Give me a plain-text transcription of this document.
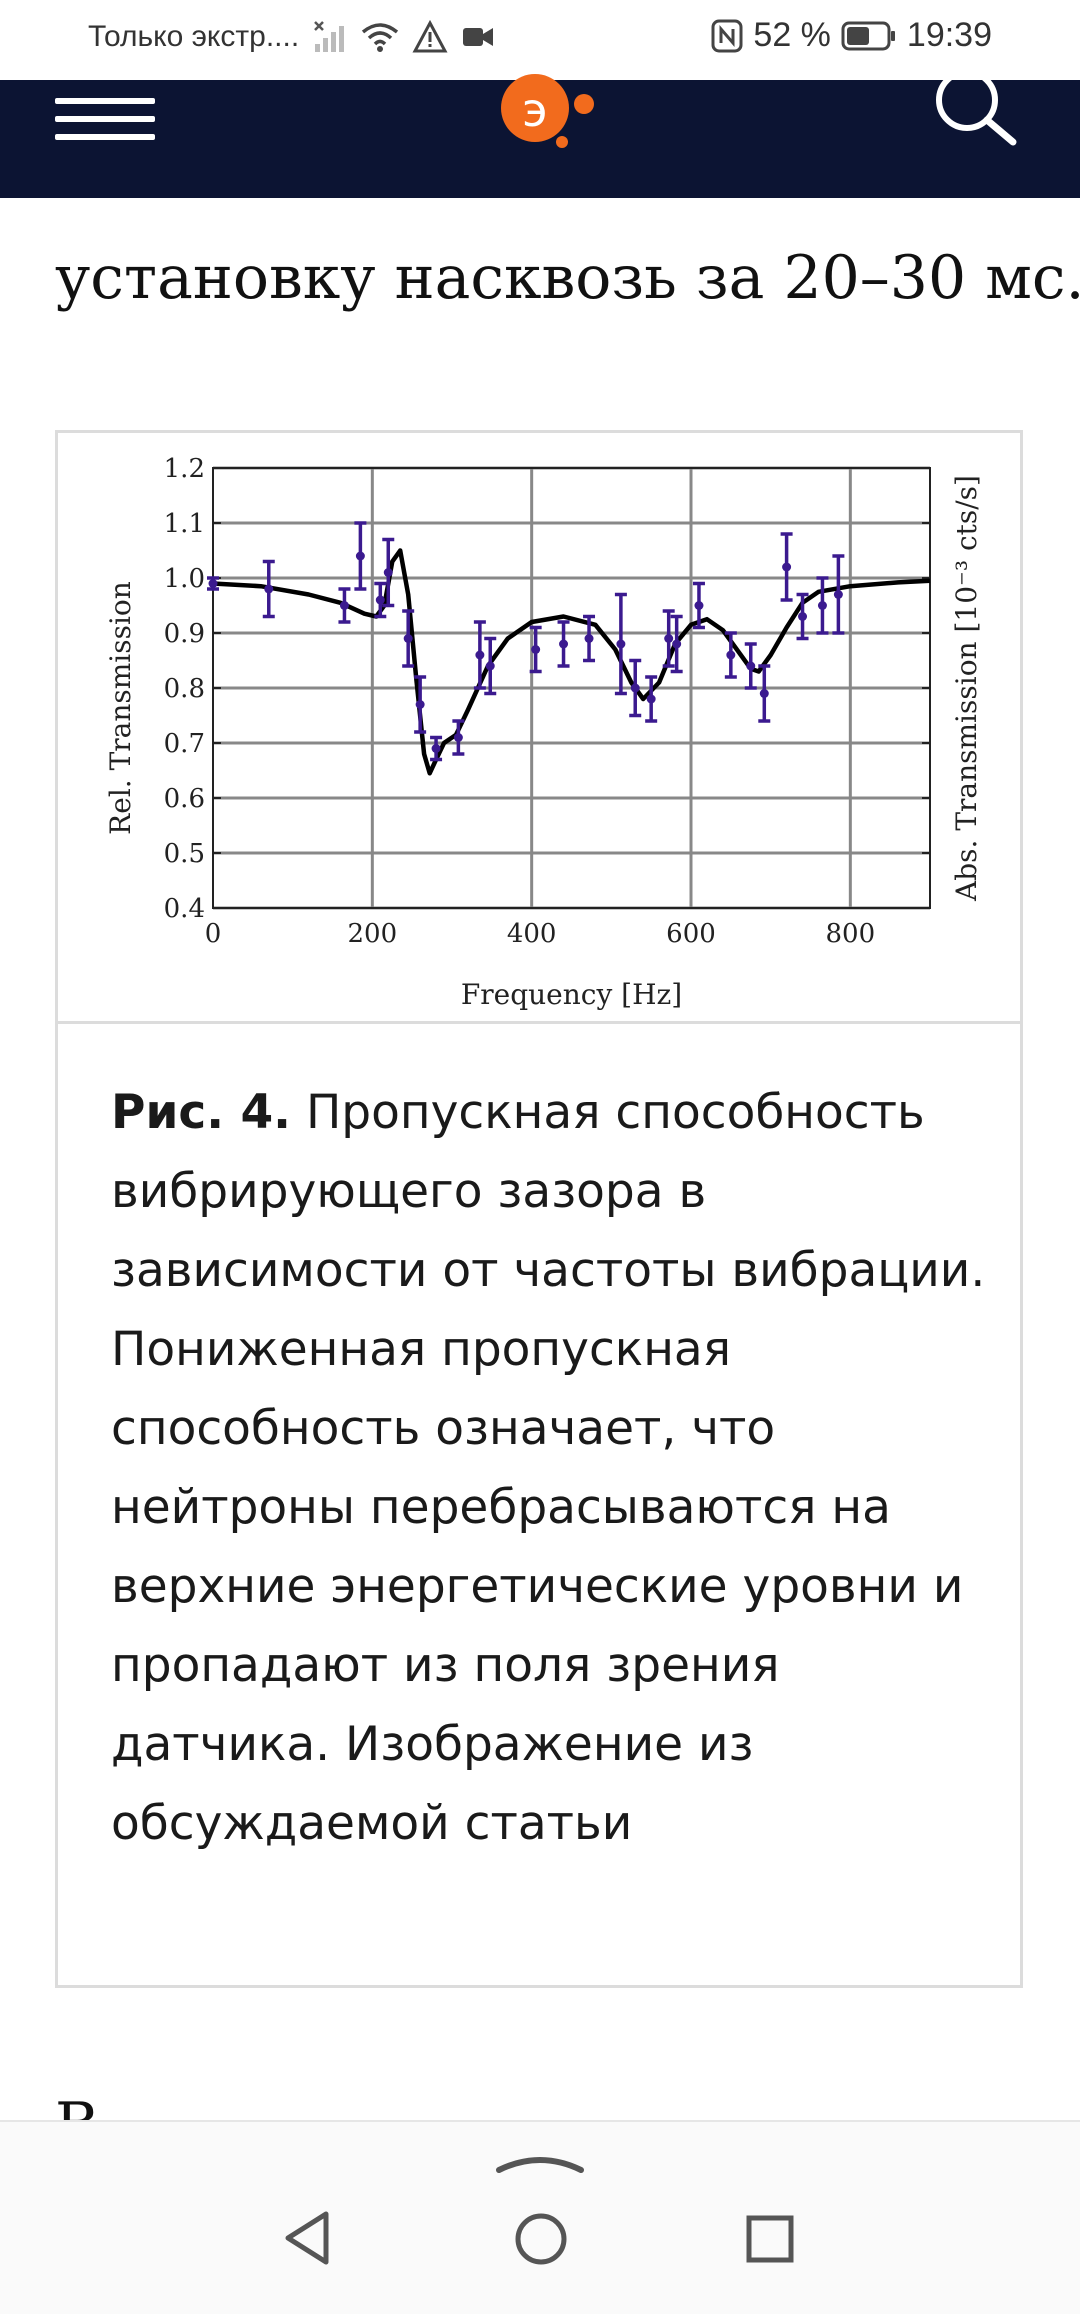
Только экстр....	52 % 19:39
установку насквозь за 20–30 мс.
э
0.4
0.5
0.6
0.7
0.8
0.9
1.0
1.1
1.2
0	200	400	600	800
Frequency [Hz]
Rel. Transmission	Abs. Transmission [10⁻³ cts/s]
Рис. 4. Пропускная способность вибрирующего зазора в зависимости от частоты вибрации. Пониженная пропускная способность означает, что нейтроны перебрасываются на верхние энергетические уровни и пропадают из поля зрения датчика. Изображение из обсуждаемой статьи
